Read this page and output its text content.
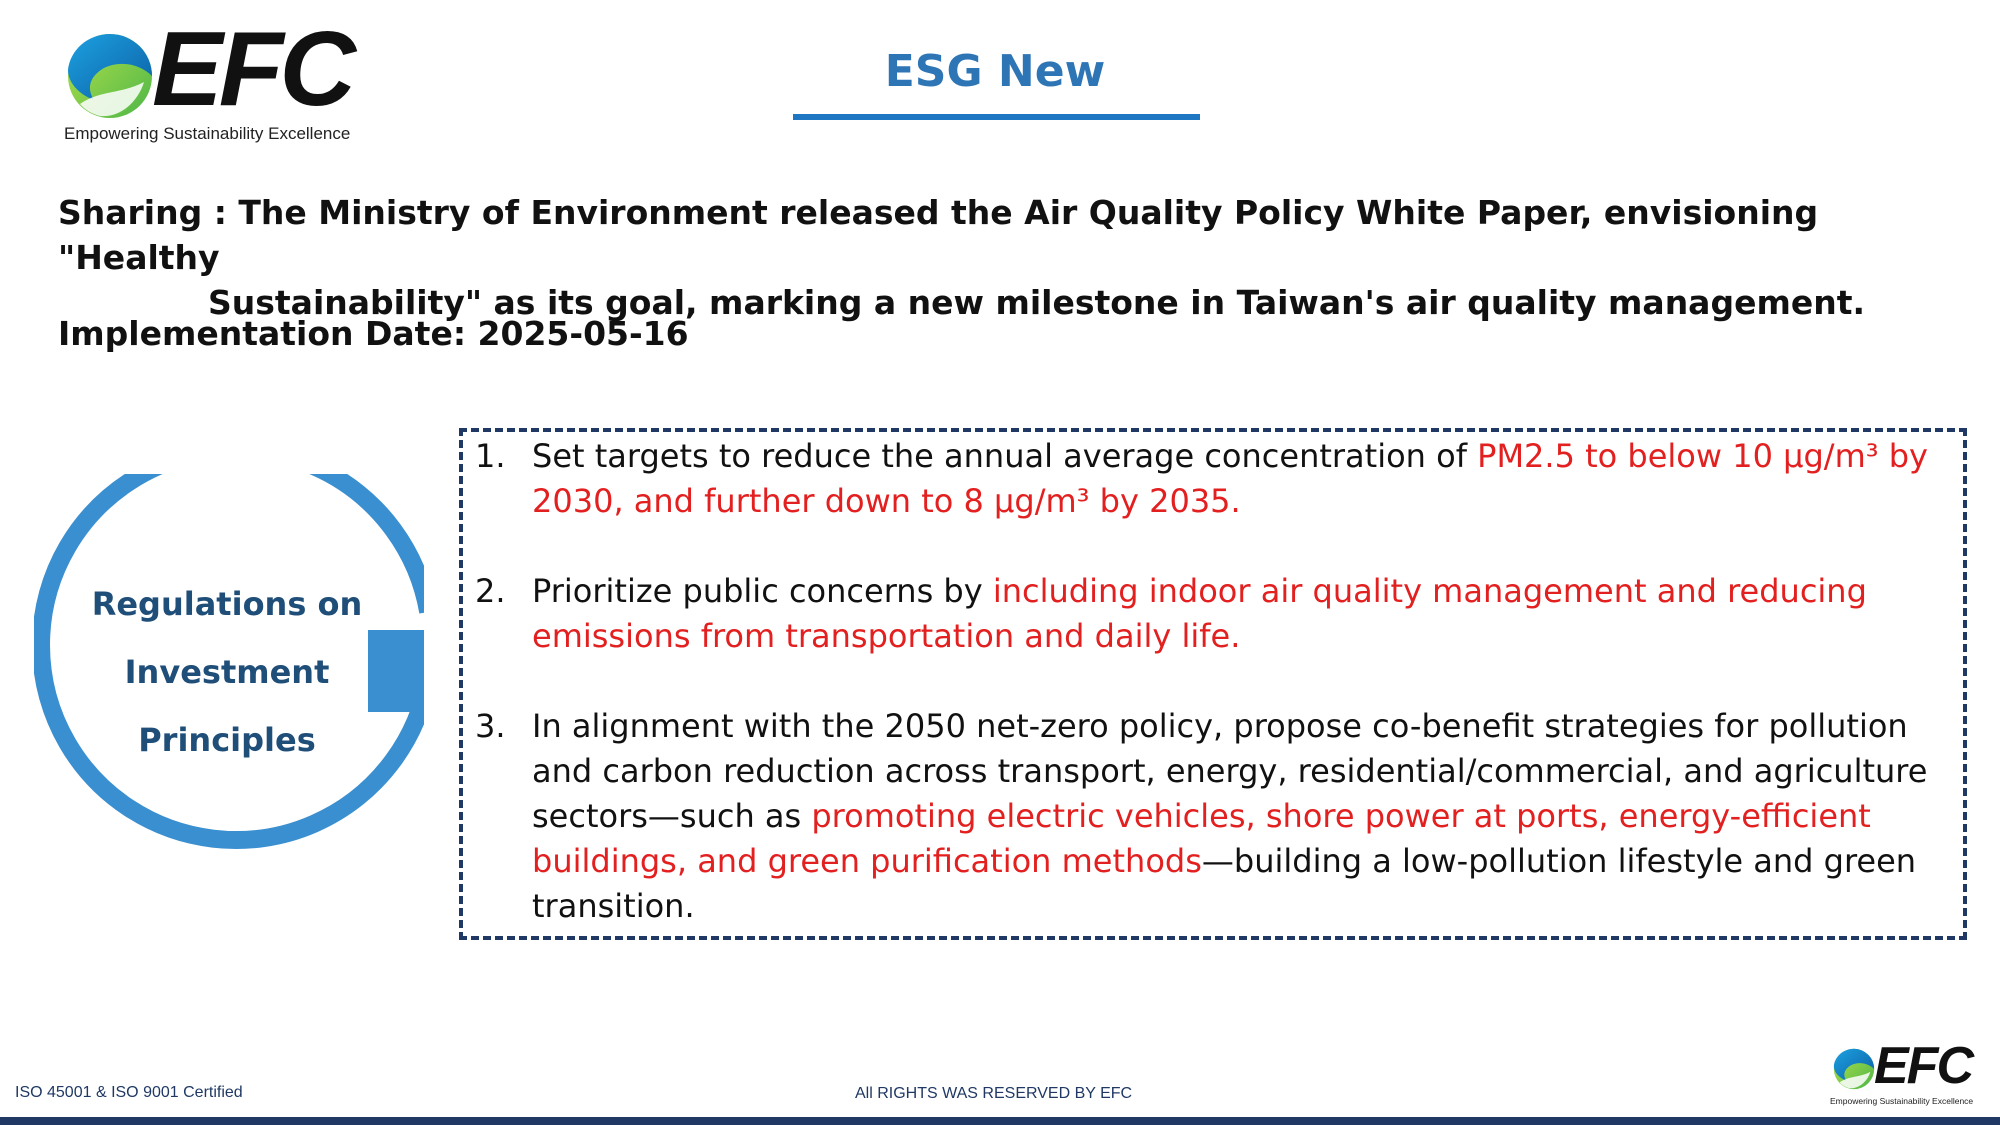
EFC
Empowering Sustainability Excellence
ESG New
Sharing : The Ministry of Environment released the Air Quality Policy White Paper, envisioning "Healthy
Sustainability" as its goal, marking a new milestone in Taiwan's air quality management.
Implementation Date: 2025-05-16
Regulations on
Investment
Principles
1. Set targets to reduce the annual average concentration of PM2.5 to below 10 μg/m³ by 2030, and further down to 8 μg/m³ by 2035.
2. Prioritize public concerns by including indoor air quality management and reducing emissions from transportation and daily life.
3. In alignment with the 2050 net-zero policy, propose co-benefit strategies for pollution and carbon reduction across transport, energy, residential/commercial, and agriculture sectors—such as promoting electric vehicles, shore power at ports, energy-efficient buildings, and green purification methods—building a low-pollution lifestyle and green transition.
ISO 45001 & ISO 9001 Certified	All RIGHTS WAS RESERVED BY EFC	EFC
Empowering Sustainability Excellence
